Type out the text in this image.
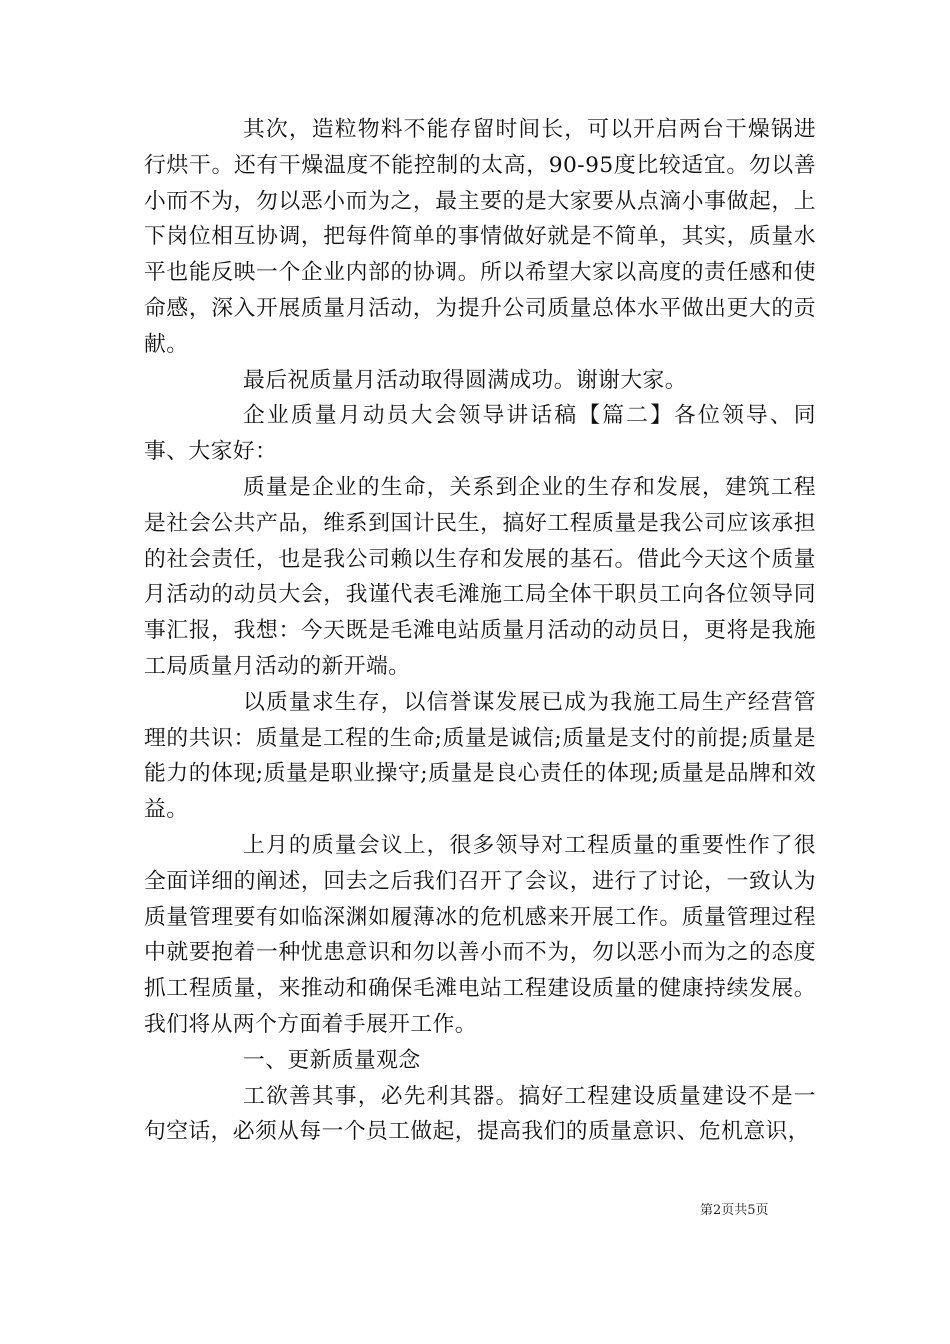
其次，造粒物料不能存留时间长，可以开启两台干燥锅进行烘干。还有干燥温度不能控制的太高，90-95度比较适宜。勿以善小而不为，勿以恶小而为之，最主要的是大家要从点滴小事做起，上下岗位相互协调，把每件简单的事情做好就是不简单，其实，质量水平也能反映一个企业内部的协调。所以希望大家以高度的责任感和使命感，深入开展质量月活动，为提升公司质量总体水平做出更大的贡献。

最后祝质量月活动取得圆满成功。谢谢大家。

企业质量月动员大会领导讲话稿【篇二】各位领导、同事、大家好：

质量是企业的生命，关系到企业的生存和发展，建筑工程是社会公共产品，维系到国计民生，搞好工程质量是我公司应该承担的社会责任，也是我公司赖以生存和发展的基石。借此今天这个质量月活动的动员大会，我谨代表毛滩施工局全体干职员工向各位领导同事汇报，我想：今天既是毛滩电站质量月活动的动员日，更将是我施工局质量月活动的新开端。

以质量求生存，以信誉谋发展已成为我施工局生产经营管理的共识：质量是工程的生命;质量是诚信;质量是支付的前提;质量是能力的体现;质量是职业操守;质量是良心责任的体现;质量是品牌和效益。

上月的质量会议上，很多领导对工程质量的重要性作了很全面详细的阐述，回去之后我们召开了会议，进行了讨论，一致认为质量管理要有如临深渊如履薄冰的危机感来开展工作。质量管理过程中就要抱着一种忧患意识和勿以善小而不为，勿以恶小而为之的态度抓工程质量，来推动和确保毛滩电站工程建设质量的健康持续发展。我们将从两个方面着手展开工作。

一、更新质量观念

工欲善其事，必先利其器。搞好工程建设质量建设不是一句空话，必须从每一个员工做起，提高我们的质量意识、危机意识，

第2页共5页
